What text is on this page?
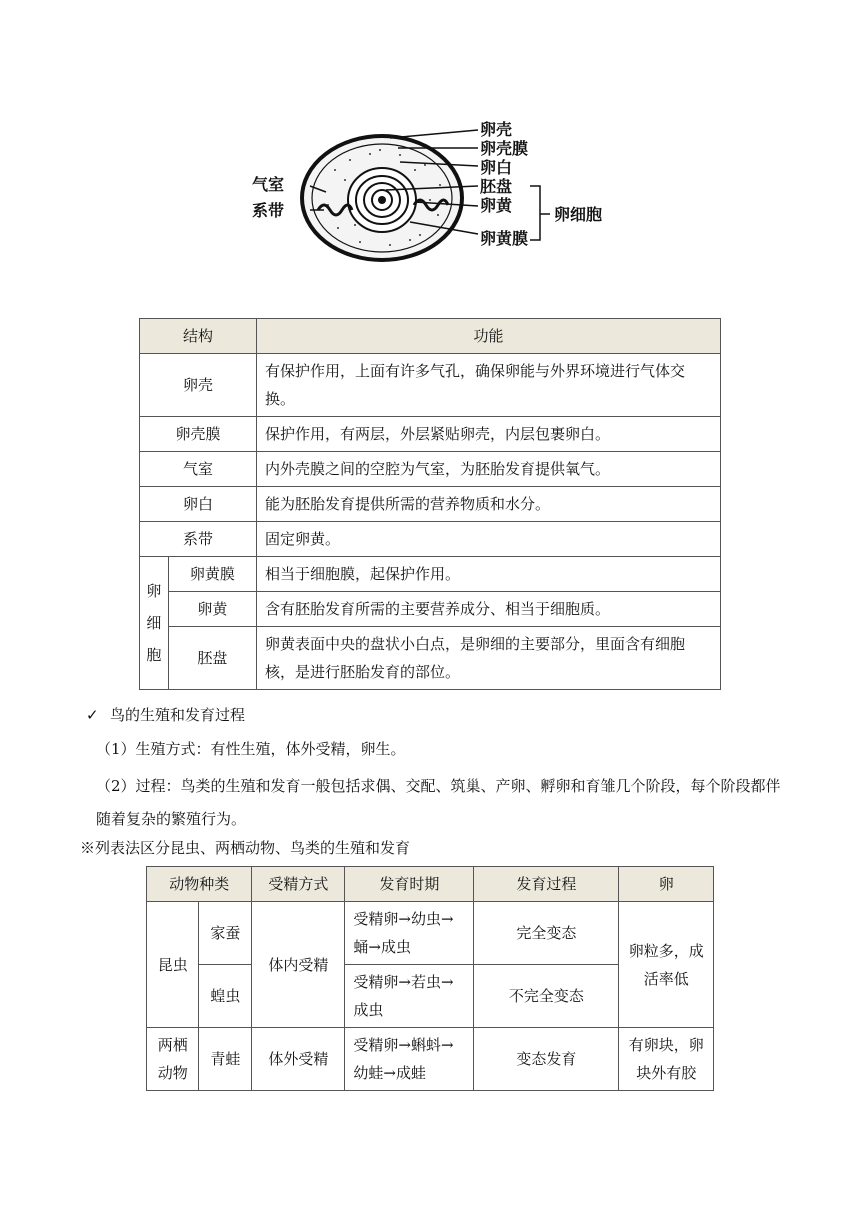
卵壳
卵壳膜
卵白
胚盘
卵黄
卵黄膜
气室
系带	卵细胞
结构		功能
卵壳		有保护作用，上面有许多气孔，确保卵能与外界环境进行气体交换。
卵壳膜		保护作用，有两层，外层紧贴卵壳，内层包裹卵白。
气室		内外壳膜之间的空腔为气室，为胚胎发育提供氧气。
卵白		能为胚胎发育提供所需的营养物质和水分。
系带		固定卵黄。
卵细胞	卵黄膜	相当于细胞膜，起保护作用。
	卵黄	含有胚胎发育所需的主要营养成分、相当于细胞质。
	胚盘	卵黄表面中央的盘状小白点，是卵细的主要部分，里面含有细胞核，是进行胚胎发育的部位。
✓ 鸟的生殖和发育过程
（1）生殖方式：有性生殖，体外受精，卵生。
（2）过程：鸟类的生殖和发育一般包括求偶、交配、筑巢、产卵、孵卵和育雏几个阶段，每个阶段都伴随着复杂的繁殖行为。
※列表法区分昆虫、两栖动物、鸟类的生殖和发育
动物种类		受精方式	发育时期	发育过程	卵
昆虫	家蚕	体内受精	受精卵→幼虫→蛹→成虫	完全变态	卵粒多，成活率低
	蝗虫		受精卵→若虫→成虫	不完全变态	
两栖动物	青蛙	体外受精	受精卵→蝌蚪→幼蛙→成蛙	变态发育	有卵块，卵块外有胶
